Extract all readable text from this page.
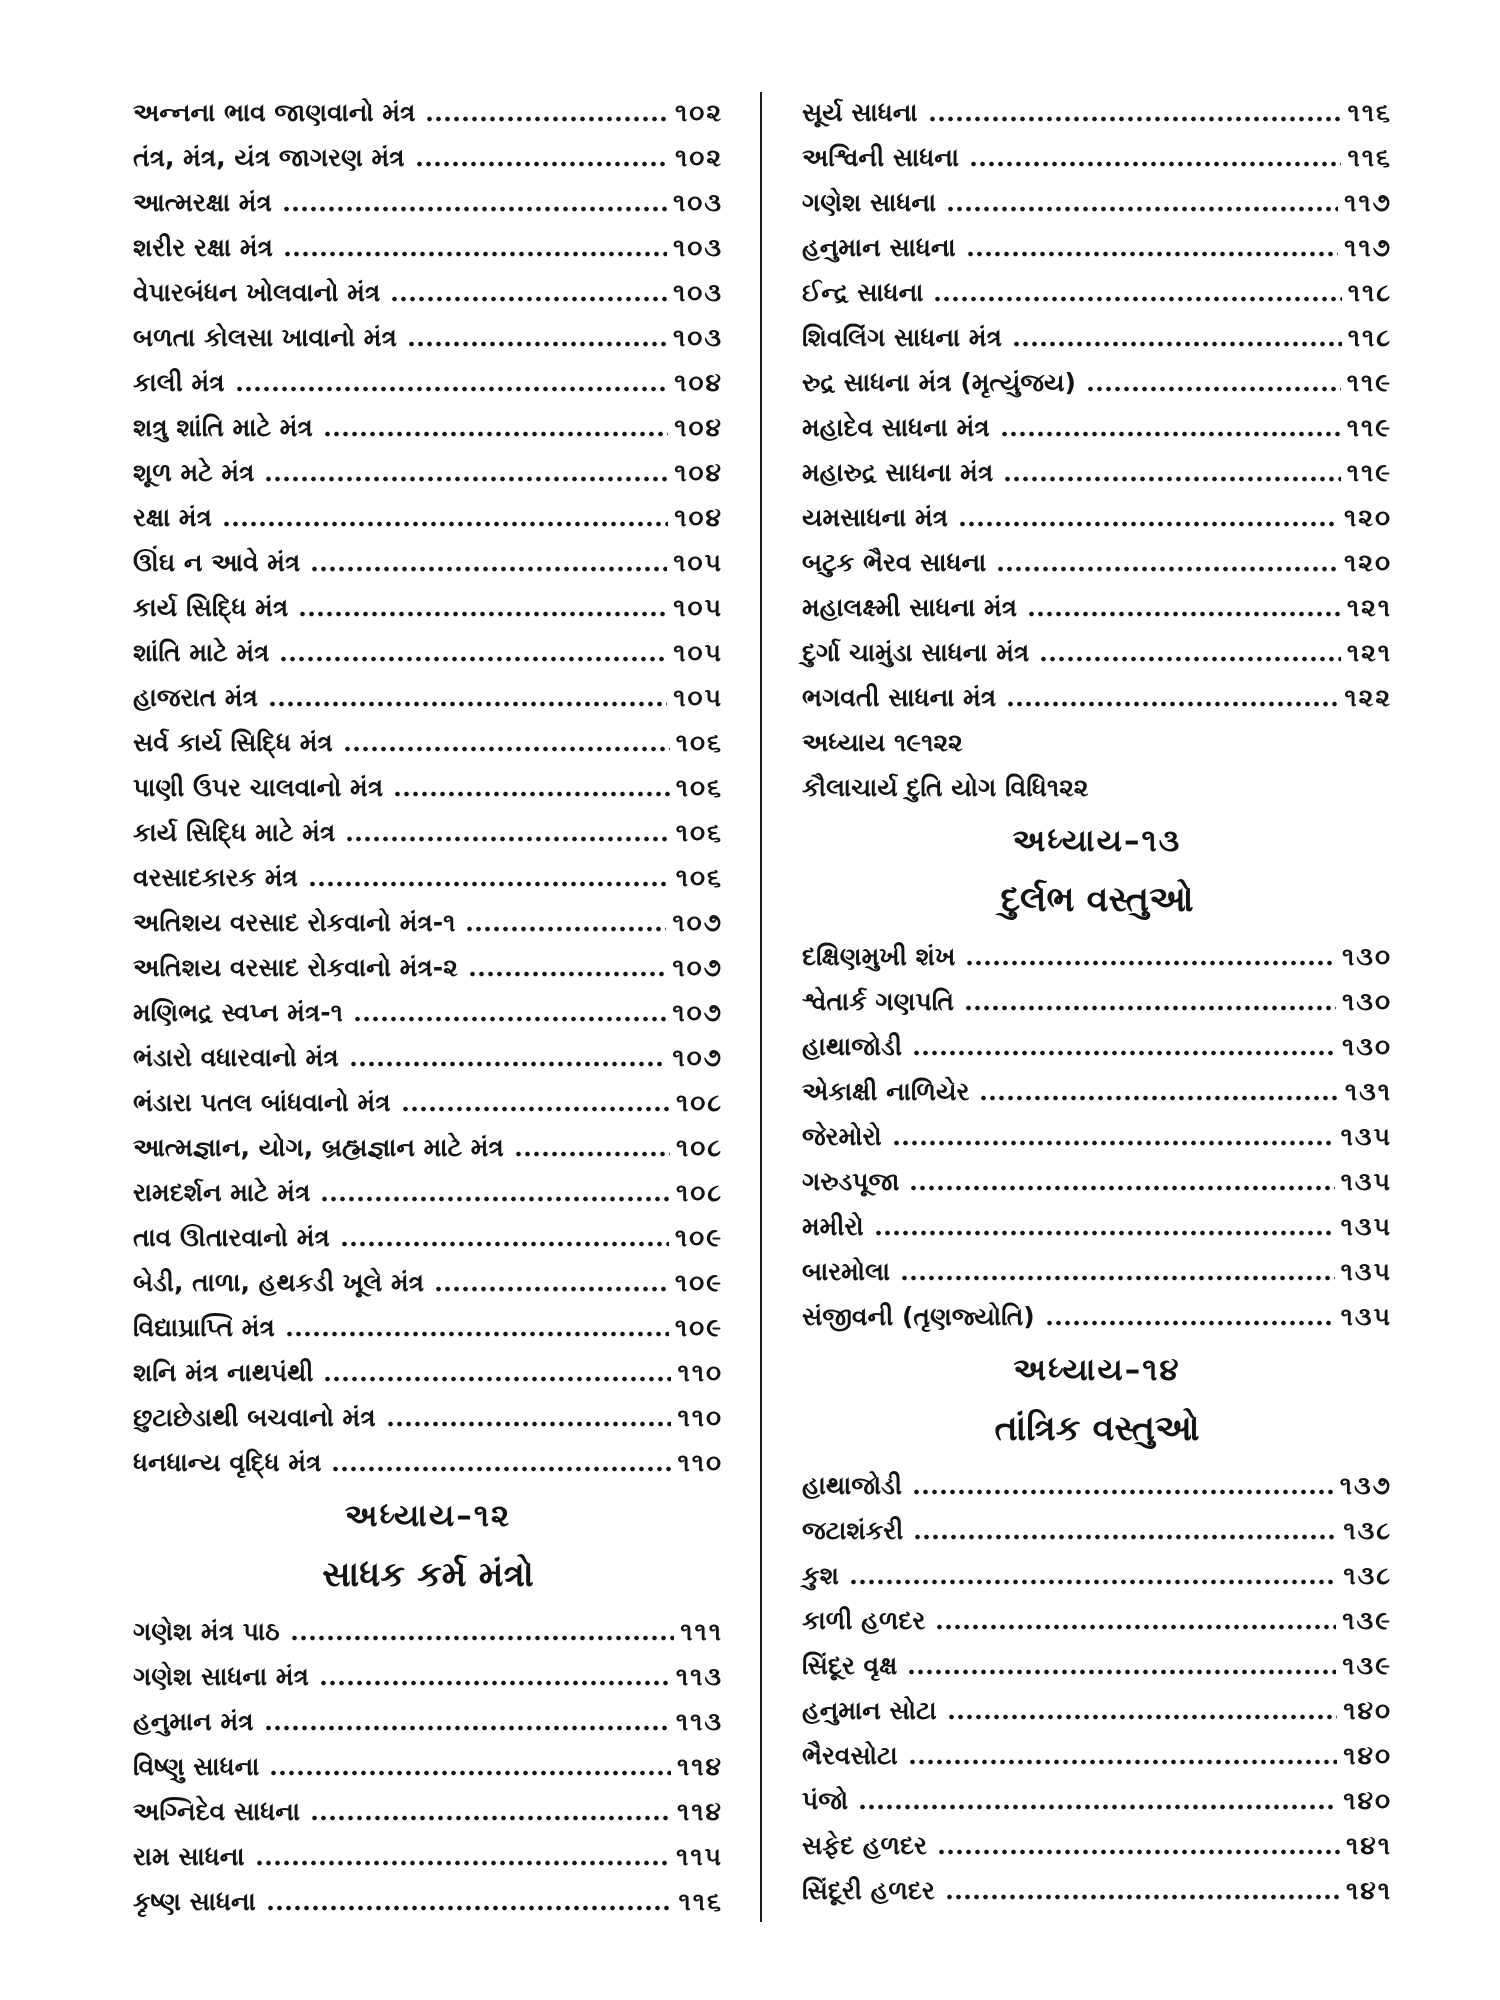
અન્નના ભાવ જાણવાનો મંત્ર	૧૦૨
તંત્ર, મંત્ર, યંત્ર જાગરણ મંત્ર	૧૦૨
આત્મરક્ષા મંત્ર	૧૦૩
શરીર રક્ષા મંત્ર	૧૦૩
વેપારબંધન ખોલવાનો મંત્ર	૧૦૩
બળતા કોલસા ખાવાનો મંત્ર	૧૦૩
કાલી મંત્ર	૧૦૪
શત્રુ શાંતિ માટે મંત્ર	૧૦૪
શૂળ મટે મંત્ર	૧૦૪
રક્ષા મંત્ર	૧૦૪
ઊંઘ ન આવે મંત્ર	૧૦૫
કાર્ય સિદ્ધિ મંત્ર	૧૦૫
શાંતિ માટે મંત્ર	૧૦૫
હાજરાત મંત્ર	૧૦૫
સર્વ કાર્ય સિદ્ધિ મંત્ર	૧૦૬
પાણી ઉપર ચાલવાનો મંત્ર	૧૦૬
કાર્ય સિદ્ધિ માટે મંત્ર	૧૦૬
વરસાદકારક મંત્ર	૧૦૬
અતિશય વરસાદ રોકવાનો મંત્ર-૧	૧૦૭
અતિશય વરસાદ રોકવાનો મંત્ર-૨	૧૦૭
મણિભદ્ર સ્વપ્ન મંત્ર-૧	૧૦૭
ભંડારો વધારવાનો મંત્ર	૧૦૭
ભંડારા પતલ બાંધવાનો મંત્ર	૧૦૮
આત્મજ્ઞાન, યોગ, બ્રહ્મજ્ઞાન માટે મંત્ર	૧૦૮
રામદર્શન માટે મંત્ર	૧૦૮
તાવ ઊતારવાનો મંત્ર	૧૦૯
બેડી, તાળા, હથકડી ખૂલે મંત્ર	૧૦૯
વિદ્યાપ્રાપ્તિ મંત્ર	૧૦૯
શનિ મંત્ર નાથપંથી	૧૧૦
છુટાછેડાથી બચવાનો મંત્ર	૧૧૦
ધનધાન્ય વૃદ્ધિ મંત્ર	૧૧૦
અધ્યાય–૧૨
સાધક કર્મ મંત્રો
ગણેશ મંત્ર પાઠ	૧૧૧
ગણેશ સાધના મંત્ર	૧૧૩
હનુમાન મંત્ર	૧૧૩
વિષ્ણુ સાધના	૧૧૪
અગ્નિદેવ સાધના	૧૧૪
રામ સાધના	૧૧૫
કૃષ્ણ સાધના	૧૧૬
સૂર્ય સાધના	૧૧૬
અશ્વિની સાધના	૧૧૬
ગણેશ સાધના	૧૧૭
હનુમાન સાધના	૧૧૭
ઈન્દ્ર સાધના	૧૧૮
શિવલિંગ સાધના મંત્ર	૧૧૮
રુદ્ર સાધના મંત્ર (મૃત્યુંજય)	૧૧૯
મહાદેવ સાધના મંત્ર	૧૧૯
મહારુદ્ર સાધના મંત્ર	૧૧૯
યમસાધના મંત્ર	૧૨૦
બટુક ભૈરવ સાધના	૧૨૦
મહાલક્ષ્મી સાધના મંત્ર	૧૨૧
દુર્ગા ચામુંડા સાધના મંત્ર	૧૨૧
ભગવતી સાધના મંત્ર	૧૨૨
અધ્યાય ૧૯૧૨૨
કૌલાચાર્ય દુતિ યોગ વિધિ૧૨૨
અધ્યાય–૧૩
દુર્લભ વસ્તુઓ
દક્ષિણમુખી શંખ	૧૩૦
શ્વેતાર્ક ગણપતિ	૧૩૦
હાથાજોડી	૧૩૦
એકાક્ષી નાળિયેર	૧૩૧
જેરમોરો	૧૩૫
ગરુડપૂજા	૧૩૫
મમીરો	૧૩૫
બારમોલા	૧૩૫
સંજીવની (તૃણજ્યોતિ)	૧૩૫
અધ્યાય–૧૪
તાંત્રિક વસ્તુઓ
હાથાજોડી	૧૩૭
જટાશંકરી	૧૩૮
કુશ	૧૩૮
કાળી હળદર	૧૩૯
સિંદૂર વૃક્ષ	૧૩૯
હનુમાન સોટા	૧૪૦
ભૈરવસોટા	૧૪૦
પંજો	૧૪૦
સફેદ હળદર	૧૪૧
સિંદૂરી હળદર	૧૪૧
